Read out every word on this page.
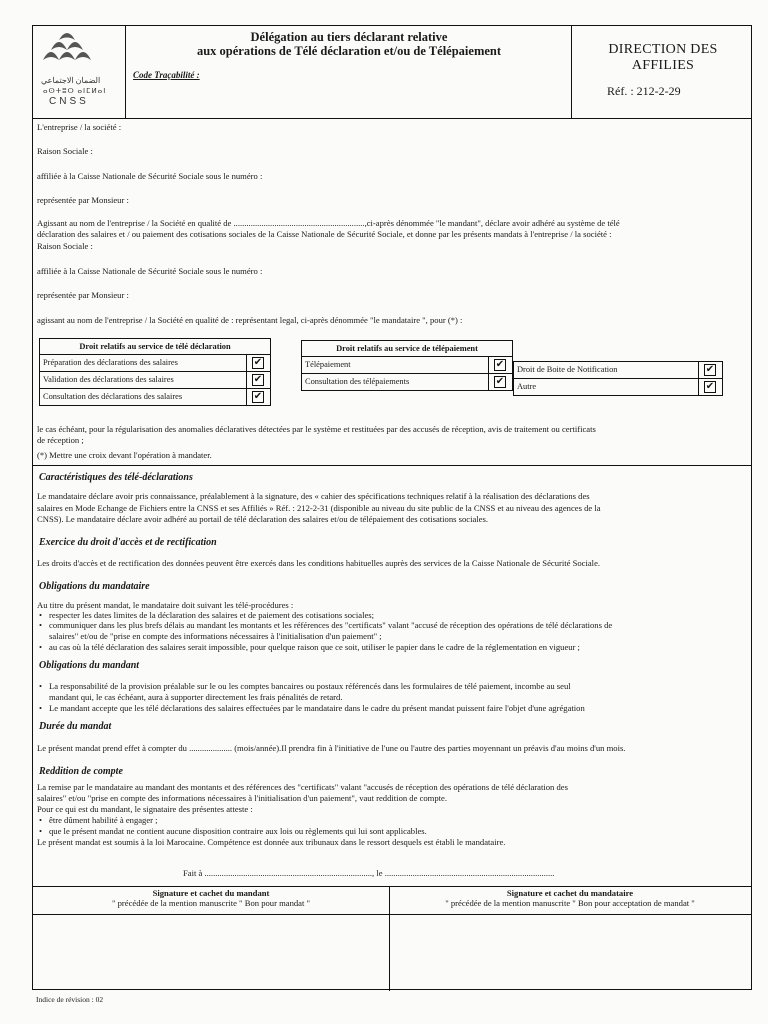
الضمان الاجتماعي
ⴰⵙⵜⵓⵔ ⴰⵏⵎⵍⴰⵏ
CNSS
Délégation au tiers déclarant relative
aux opérations de Télé déclaration et/ou de Télépaiement
Code Traçabilité :
DIRECTION DES
AFFILIES
Réf. : 212-2-29
L'entreprise / la société :
Raison Sociale :
affiliée à la Caisse Nationale de Sécurité Sociale sous le numéro :
représentée par Monsieur :
Agissant au nom de l'entreprise / la Société en qualité de .............................................................,ci-après dénommée "le mandant", déclare avoir adhéré au système de télé
déclaration des salaires et / ou paiement des cotisations sociales de la Caisse Nationale de Sécurité Sociale, et donne par les présents mandats à l'entreprise / la société :
Raison Sociale :
affiliée à la Caisse Nationale de Sécurité Sociale sous le numéro :
représentée par Monsieur :
agissant au nom de l'entreprise / la Société en qualité de : représentant legal, ci-après dénommée "le mandataire ", pour (*) :
Droit relatifs au service de télé déclaration
Préparation des déclarations des salaires	✔
Validation des déclarations des salaires	✔
Consultation des déclarations des salaires	✔
Droit relatifs au service de télépaiement
Télépaiement	✔
Consultation des télépaiements	✔
Droit de Boite de Notification	✔
Autre	✔
le cas échéant, pour la régularisation des anomalies déclaratives détectées par le système et restituées par des accusés de réception, avis de traitement ou certificats
de réception ;
(*) Mettre une croix devant l'opération à mandater.
Caractéristiques des télé-déclarations
Le mandataire déclare avoir pris connaissance, préalablement à la signature, des « cahier des spécifications techniques relatif à la réalisation des déclarations des
salaires en Mode Echange de Fichiers entre la CNSS et ses Affiliés » Réf. : 212-2-31 (disponible au niveau du site public de la CNSS et au niveau des agences de la
CNSS). Le mandataire déclare avoir adhéré au portail de télé déclaration des salaires et/ou de télépaiement des cotisations sociales.
Exercice du droit d'accès et de rectification
Les droits d'accès et de rectification des données peuvent être exercés dans les conditions habituelles auprès des services de la Caisse Nationale de Sécurité Sociale.
Obligations du mandataire
Au titre du présent mandat, le mandataire doit suivant les télé-procédures :
• respecter les dates limites de la déclaration des salaires et de paiement des cotisations sociales;
• communiquer dans les plus brefs délais au mandant les montants et les références des "certificats" valant "accusé de réception des opérations de télé déclarations de
salaires" et/ou de "prise en compte des informations nécessaires à l'initialisation d'un paiement" ;
• au cas où la télé déclaration des salaires serait impossible, pour quelque raison que ce soit, utiliser le papier dans le cadre de la réglementation en vigueur ;
Obligations du mandant
• La responsabilité de la provision préalable sur le ou les comptes bancaires ou postaux référencés dans les formulaires de télé paiement, incombe au seul
mandant qui, le cas échéant, aura à supporter directement les frais pénalités de retard.
• Le mandant accepte que les télé déclarations des salaires effectuées par le mandataire dans le cadre du présent mandat puissent faire l'objet d'une agrégation
Durée du mandat
Le présent mandat prend effet à compter du .................... (mois/année).Il prendra fin à l'initiative de l'une ou l'autre des parties moyennant un préavis d'au moins d'un mois.
Reddition de compte
La remise par le mandataire au mandant des montants et des références des "certificats" valant "accusés de réception des opérations de télé déclaration des
salaires" et/ou "prise en compte des informations nécessaires à l'initialisation d'un paiement", vaut reddition de compte.
Pour ce qui est du mandant, le signataire des présentes atteste :
• être dûment habilité à engager ;
• que le présent mandat ne contient aucune disposition contraire aux lois ou règlements qui lui sont applicables.
Le présent mandat est soumis à la loi Marocaine. Compétence est donnée aux tribunaux dans le ressort desquels est établi le mandataire.
Fait à .............................................................................., le ...............................................................................
Signature et cachet du mandant
" précédée de la mention manuscrite " Bon pour mandat "
Signature et cachet du mandataire
" précédée de la mention manuscrite " Bon pour acceptation de mandat "
Indice de révision : 02
